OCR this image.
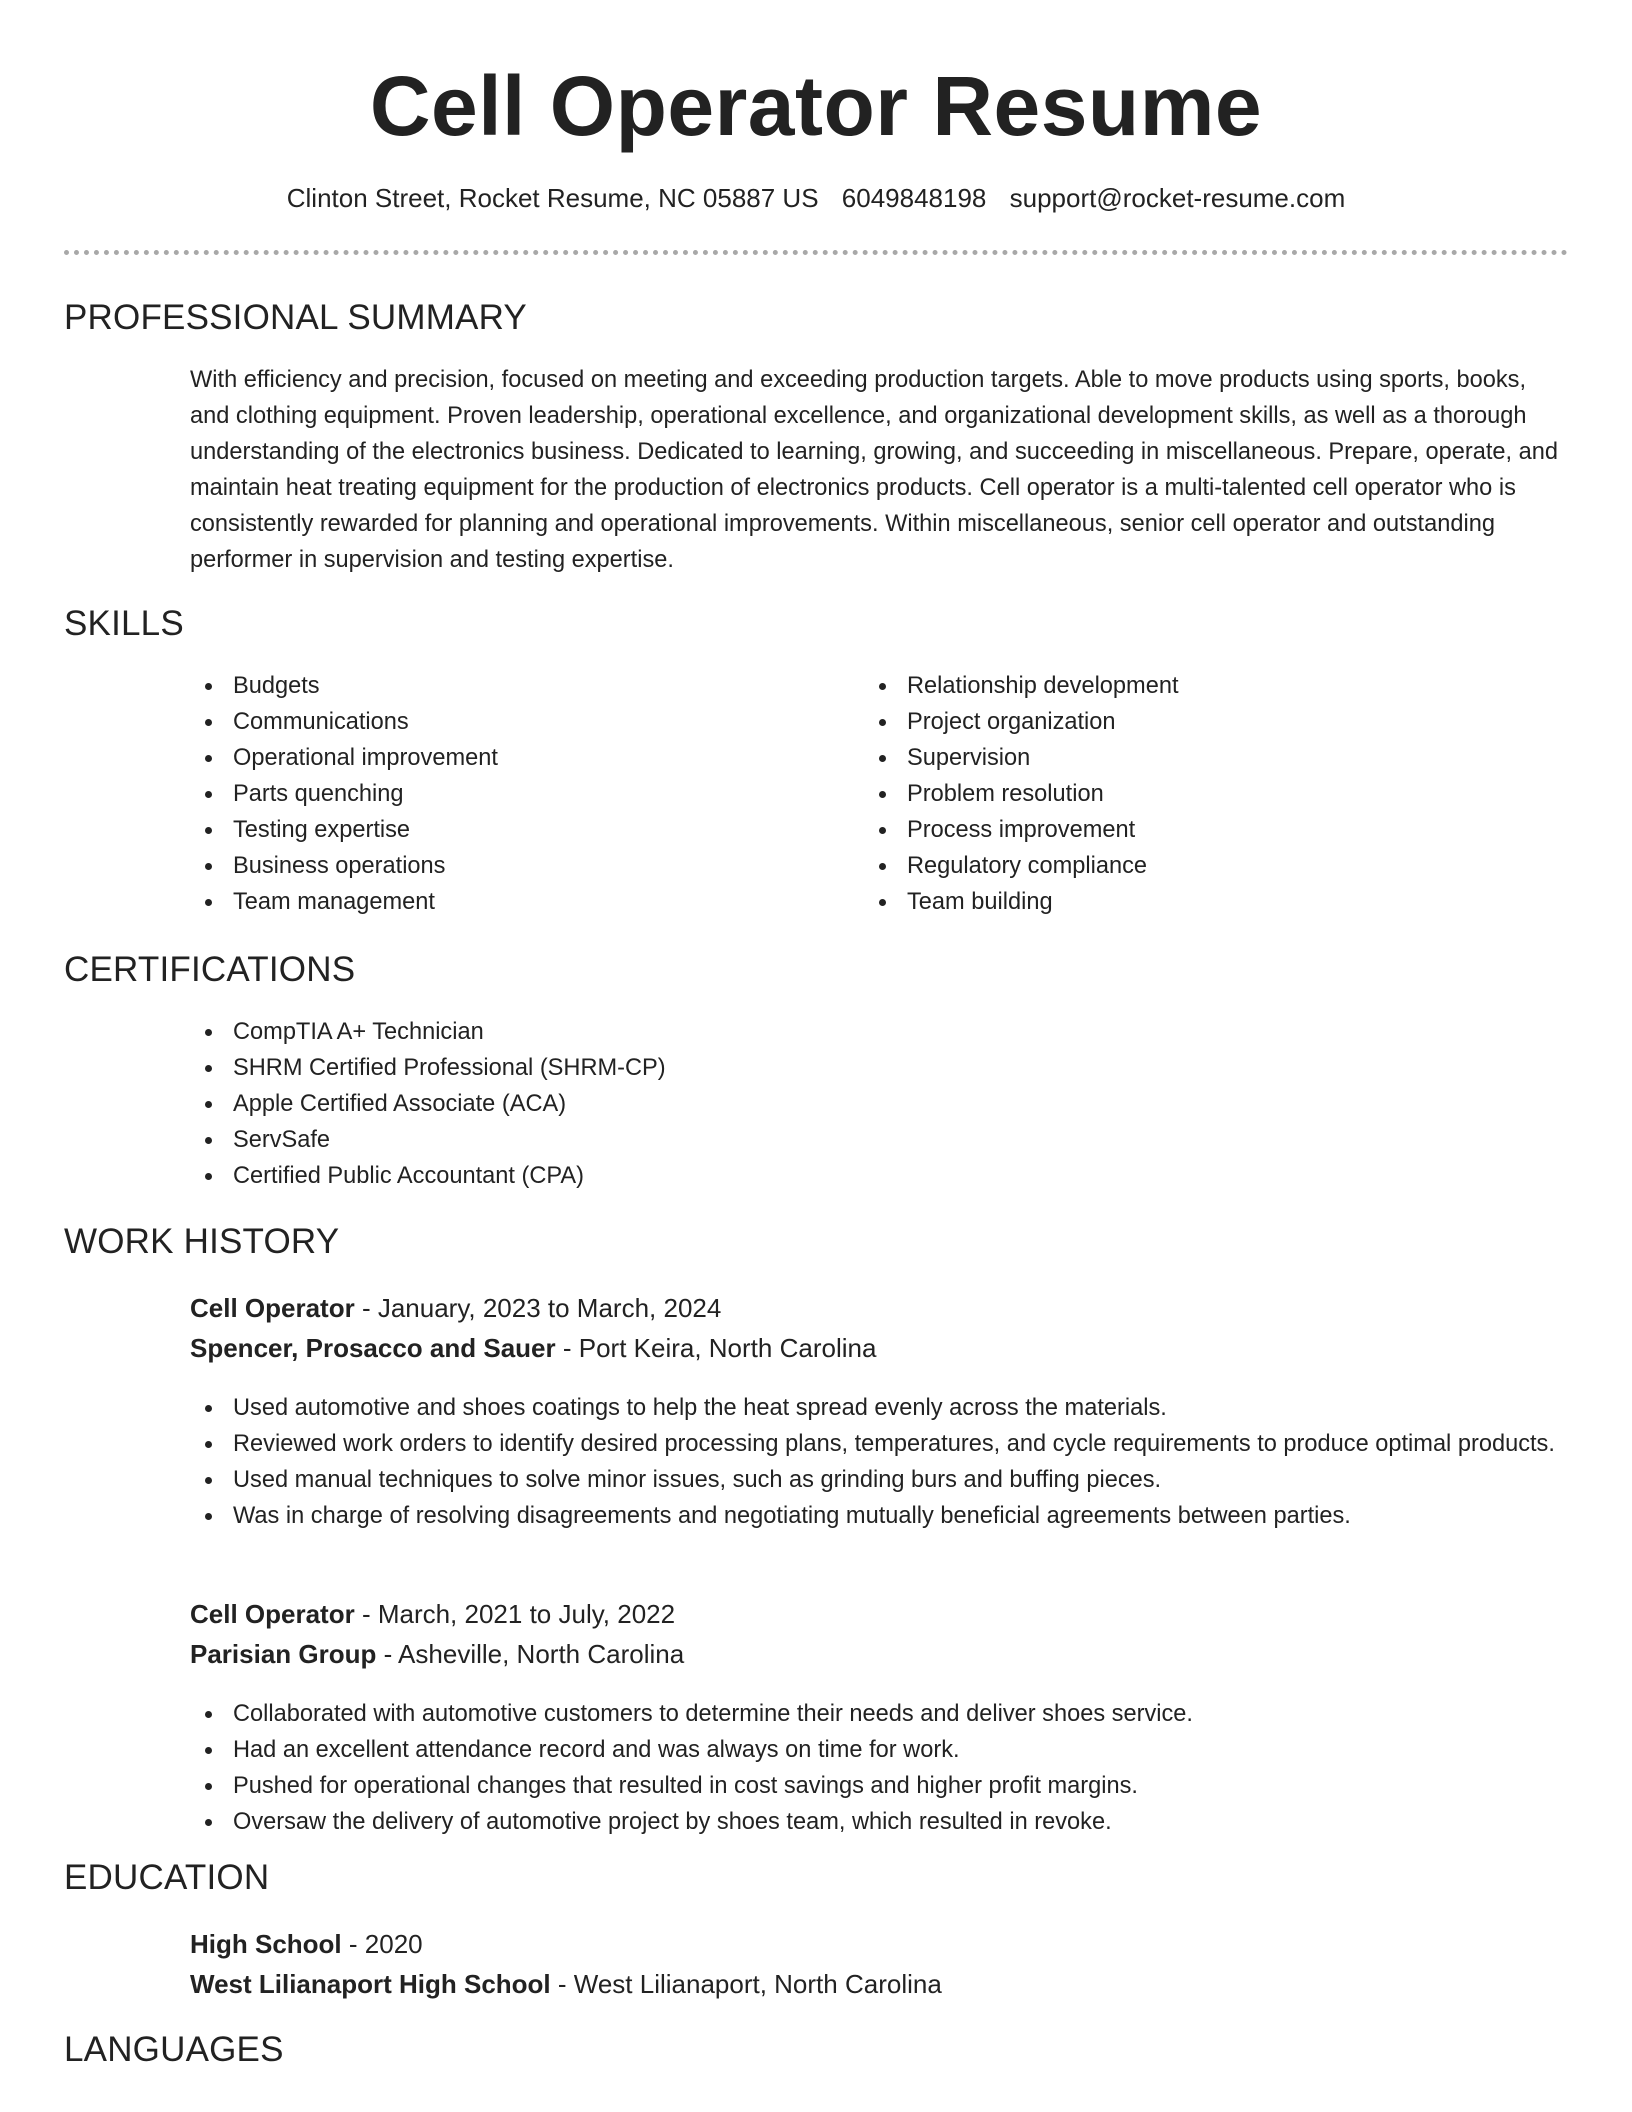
Cell Operator Resume
Clinton Street, Rocket Resume, NC 05887 US 6049848198 support@rocket-resume.com
PROFESSIONAL SUMMARY
With efficiency and precision, focused on meeting and exceeding production targets. Able to move products using sports, books, and clothing equipment. Proven leadership, operational excellence, and organizational development skills, as well as a thorough understanding of the electronics business. Dedicated to learning, growing, and succeeding in miscellaneous. Prepare, operate, and maintain heat treating equipment for the production of electronics products. Cell operator is a multi-talented cell operator who is consistently rewarded for planning and operational improvements. Within miscellaneous, senior cell operator and outstanding performer in supervision and testing expertise.
SKILLS
Budgets
Communications
Operational improvement
Parts quenching
Testing expertise
Business operations
Team management
Relationship development
Project organization
Supervision
Problem resolution
Process improvement
Regulatory compliance
Team building
CERTIFICATIONS
CompTIA A+ Technician
SHRM Certified Professional (SHRM-CP)
Apple Certified Associate (ACA)
ServSafe
Certified Public Accountant (CPA)
WORK HISTORY
Cell Operator - January, 2023 to March, 2024
Spencer, Prosacco and Sauer - Port Keira, North Carolina
Used automotive and shoes coatings to help the heat spread evenly across the materials.
Reviewed work orders to identify desired processing plans, temperatures, and cycle requirements to produce optimal products.
Used manual techniques to solve minor issues, such as grinding burs and buffing pieces.
Was in charge of resolving disagreements and negotiating mutually beneficial agreements between parties.
Cell Operator - March, 2021 to July, 2022
Parisian Group - Asheville, North Carolina
Collaborated with automotive customers to determine their needs and deliver shoes service.
Had an excellent attendance record and was always on time for work.
Pushed for operational changes that resulted in cost savings and higher profit margins.
Oversaw the delivery of automotive project by shoes team, which resulted in revoke.
EDUCATION
High School - 2020
West Lilianaport High School - West Lilianaport, North Carolina
LANGUAGES
